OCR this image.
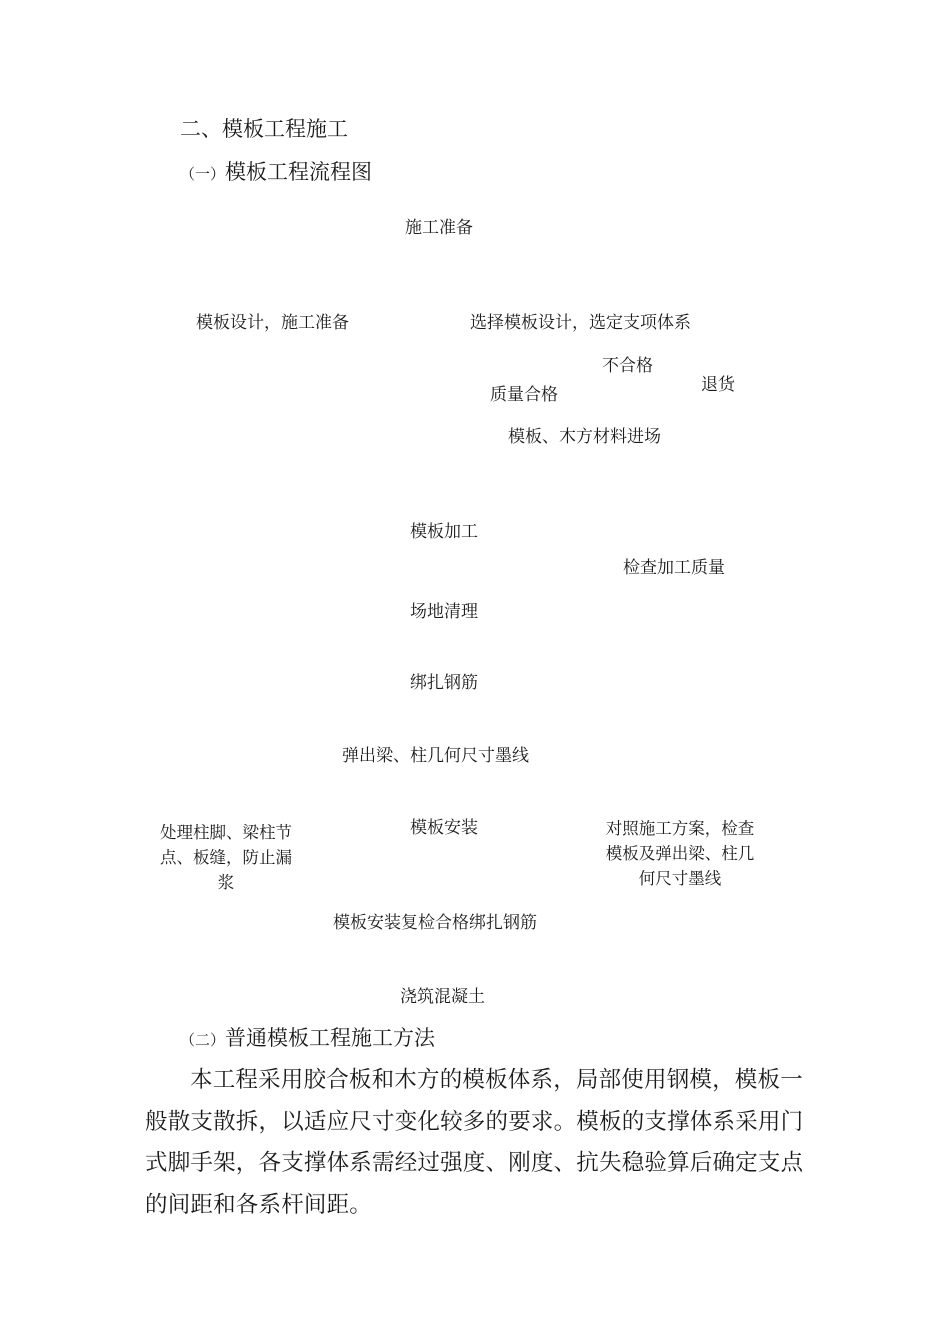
二、模板工程施工
（一）模板工程流程图
施工准备
模板设计，施工准备	选择模板设计，选定支项体系
不合格
退货
质量合格
模板、木方材料进场
模板加工
检查加工质量
场地清理
绑扎钢筋
弹出梁、柱几何尺寸墨线
模板安装
处理柱脚、梁柱节点、板缝，防止漏浆
对照施工方案，检查模板及弹出梁、柱几何尺寸墨线
模板安装复检合格绑扎钢筋
浇筑混凝土
（二）普通模板工程施工方法
本工程采用胶合板和木方的模板体系，局部使用钢模，模板一般散支散拆，以适应尺寸变化较多的要求。模板的支撑体系采用门式脚手架，各支撑体系需经过强度、刚度、抗失稳验算后确定支点的间距和各系杆间距。
